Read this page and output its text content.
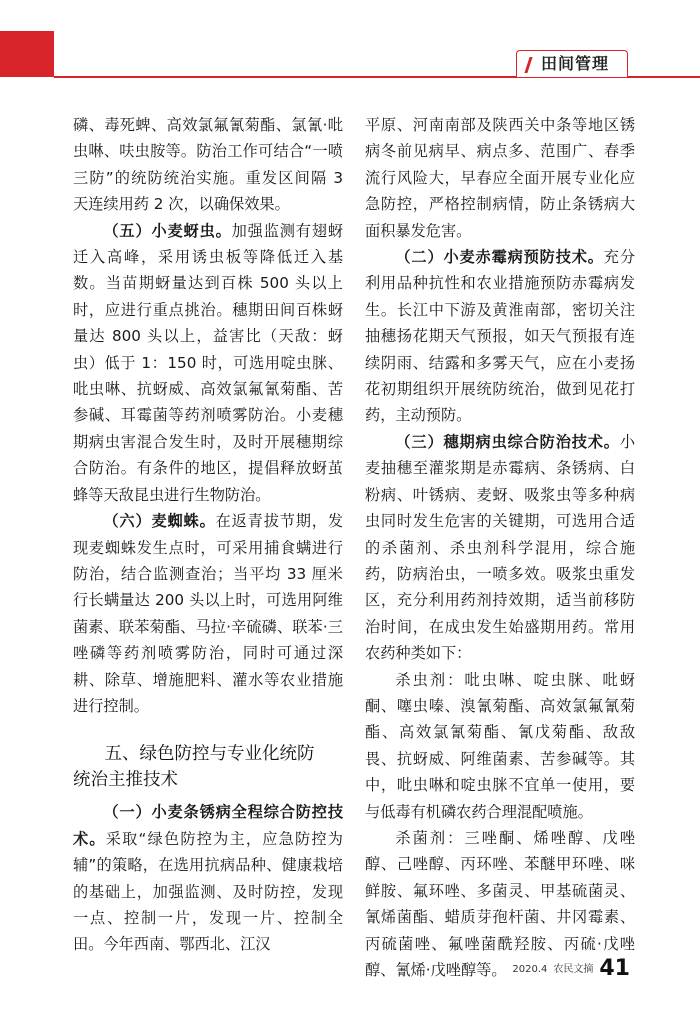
田间管理

磷、毒死蜱、高效氯氟氰菊酯、氯氰·吡虫啉、呋虫胺等。防治工作可结合“一喷三防”的统防统治实施。重发区间隔 3 天连续用药 2 次，以确保效果。

（五）小麦蚜虫。加强监测有翅蚜迁入高峰，采用诱虫板等降低迁入基数。当苗期蚜量达到百株 500 头以上时，应进行重点挑治。穗期田间百株蚜量达 800 头以上，益害比（天敌：蚜虫）低于 1：150 时，可选用啶虫脒、吡虫啉、抗蚜威、高效氯氟氰菊酯、苦参碱、耳霉菌等药剂喷雾防治。小麦穗期病虫害混合发生时，及时开展穗期综合防治。有条件的地区，提倡释放蚜茧蜂等天敌昆虫进行生物防治。

（六）麦蜘蛛。在返青拔节期，发现麦蜘蛛发生点时，可采用捕食螨进行防治，结合监测查治；当平均 33 厘米行长螨量达 200 头以上时，可选用阿维菌素、联苯菊酯、马拉·辛硫磷、联苯·三唑磷等药剂喷雾防治，同时可通过深耕、除草、增施肥料、灌水等农业措施进行控制。

五、绿色防控与专业化统防
统治主推技术

（一）小麦条锈病全程综合防控技术。采取“绿色防控为主，应急防控为辅”的策略，在选用抗病品种、健康栽培的基础上，加强监测、及时防控，发现一点、控制一片，发现一片、控制全田。今年西南、鄂西北、江汉

平原、河南南部及陕西关中条等地区锈病冬前见病早、病点多、范围广、春季流行风险大，早春应全面开展专业化应急防控，严格控制病情，防止条锈病大面积暴发危害。

（二）小麦赤霉病预防技术。充分利用品种抗性和农业措施预防赤霉病发生。长江中下游及黄淮南部，密切关注抽穗扬花期天气预报，如天气预报有连续阴雨、结露和多雾天气，应在小麦扬花初期组织开展统防统治，做到见花打药，主动预防。

（三）穗期病虫综合防治技术。小麦抽穗至灌浆期是赤霉病、条锈病、白粉病、叶锈病、麦蚜、吸浆虫等多种病虫同时发生危害的关键期，可选用合适的杀菌剂、杀虫剂科学混用，综合施药，防病治虫，一喷多效。吸浆虫重发区，充分利用药剂持效期，适当前移防治时间，在成虫发生始盛期用药。常用农药种类如下：

杀虫剂：吡虫啉、啶虫脒、吡蚜酮、噻虫嗪、溴氰菊酯、高效氯氟氰菊酯、高效氯氰菊酯、氰戊菊酯、敌敌畏、抗蚜威、阿维菌素、苦参碱等。其中，吡虫啉和啶虫脒不宜单一使用，要与低毒有机磷农药合理混配喷施。

杀菌剂：三唑酮、烯唑醇、戊唑醇、己唑醇、丙环唑、苯醚甲环唑、咪鲜胺、氟环唑、多菌灵、甲基硫菌灵、氰烯菌酯、蜡质芽孢杆菌、井冈霉素、丙硫菌唑、氟唑菌酰羟胺、丙硫·戊唑醇、氰烯·戊唑醇等。 2020.4 农民文摘 41
